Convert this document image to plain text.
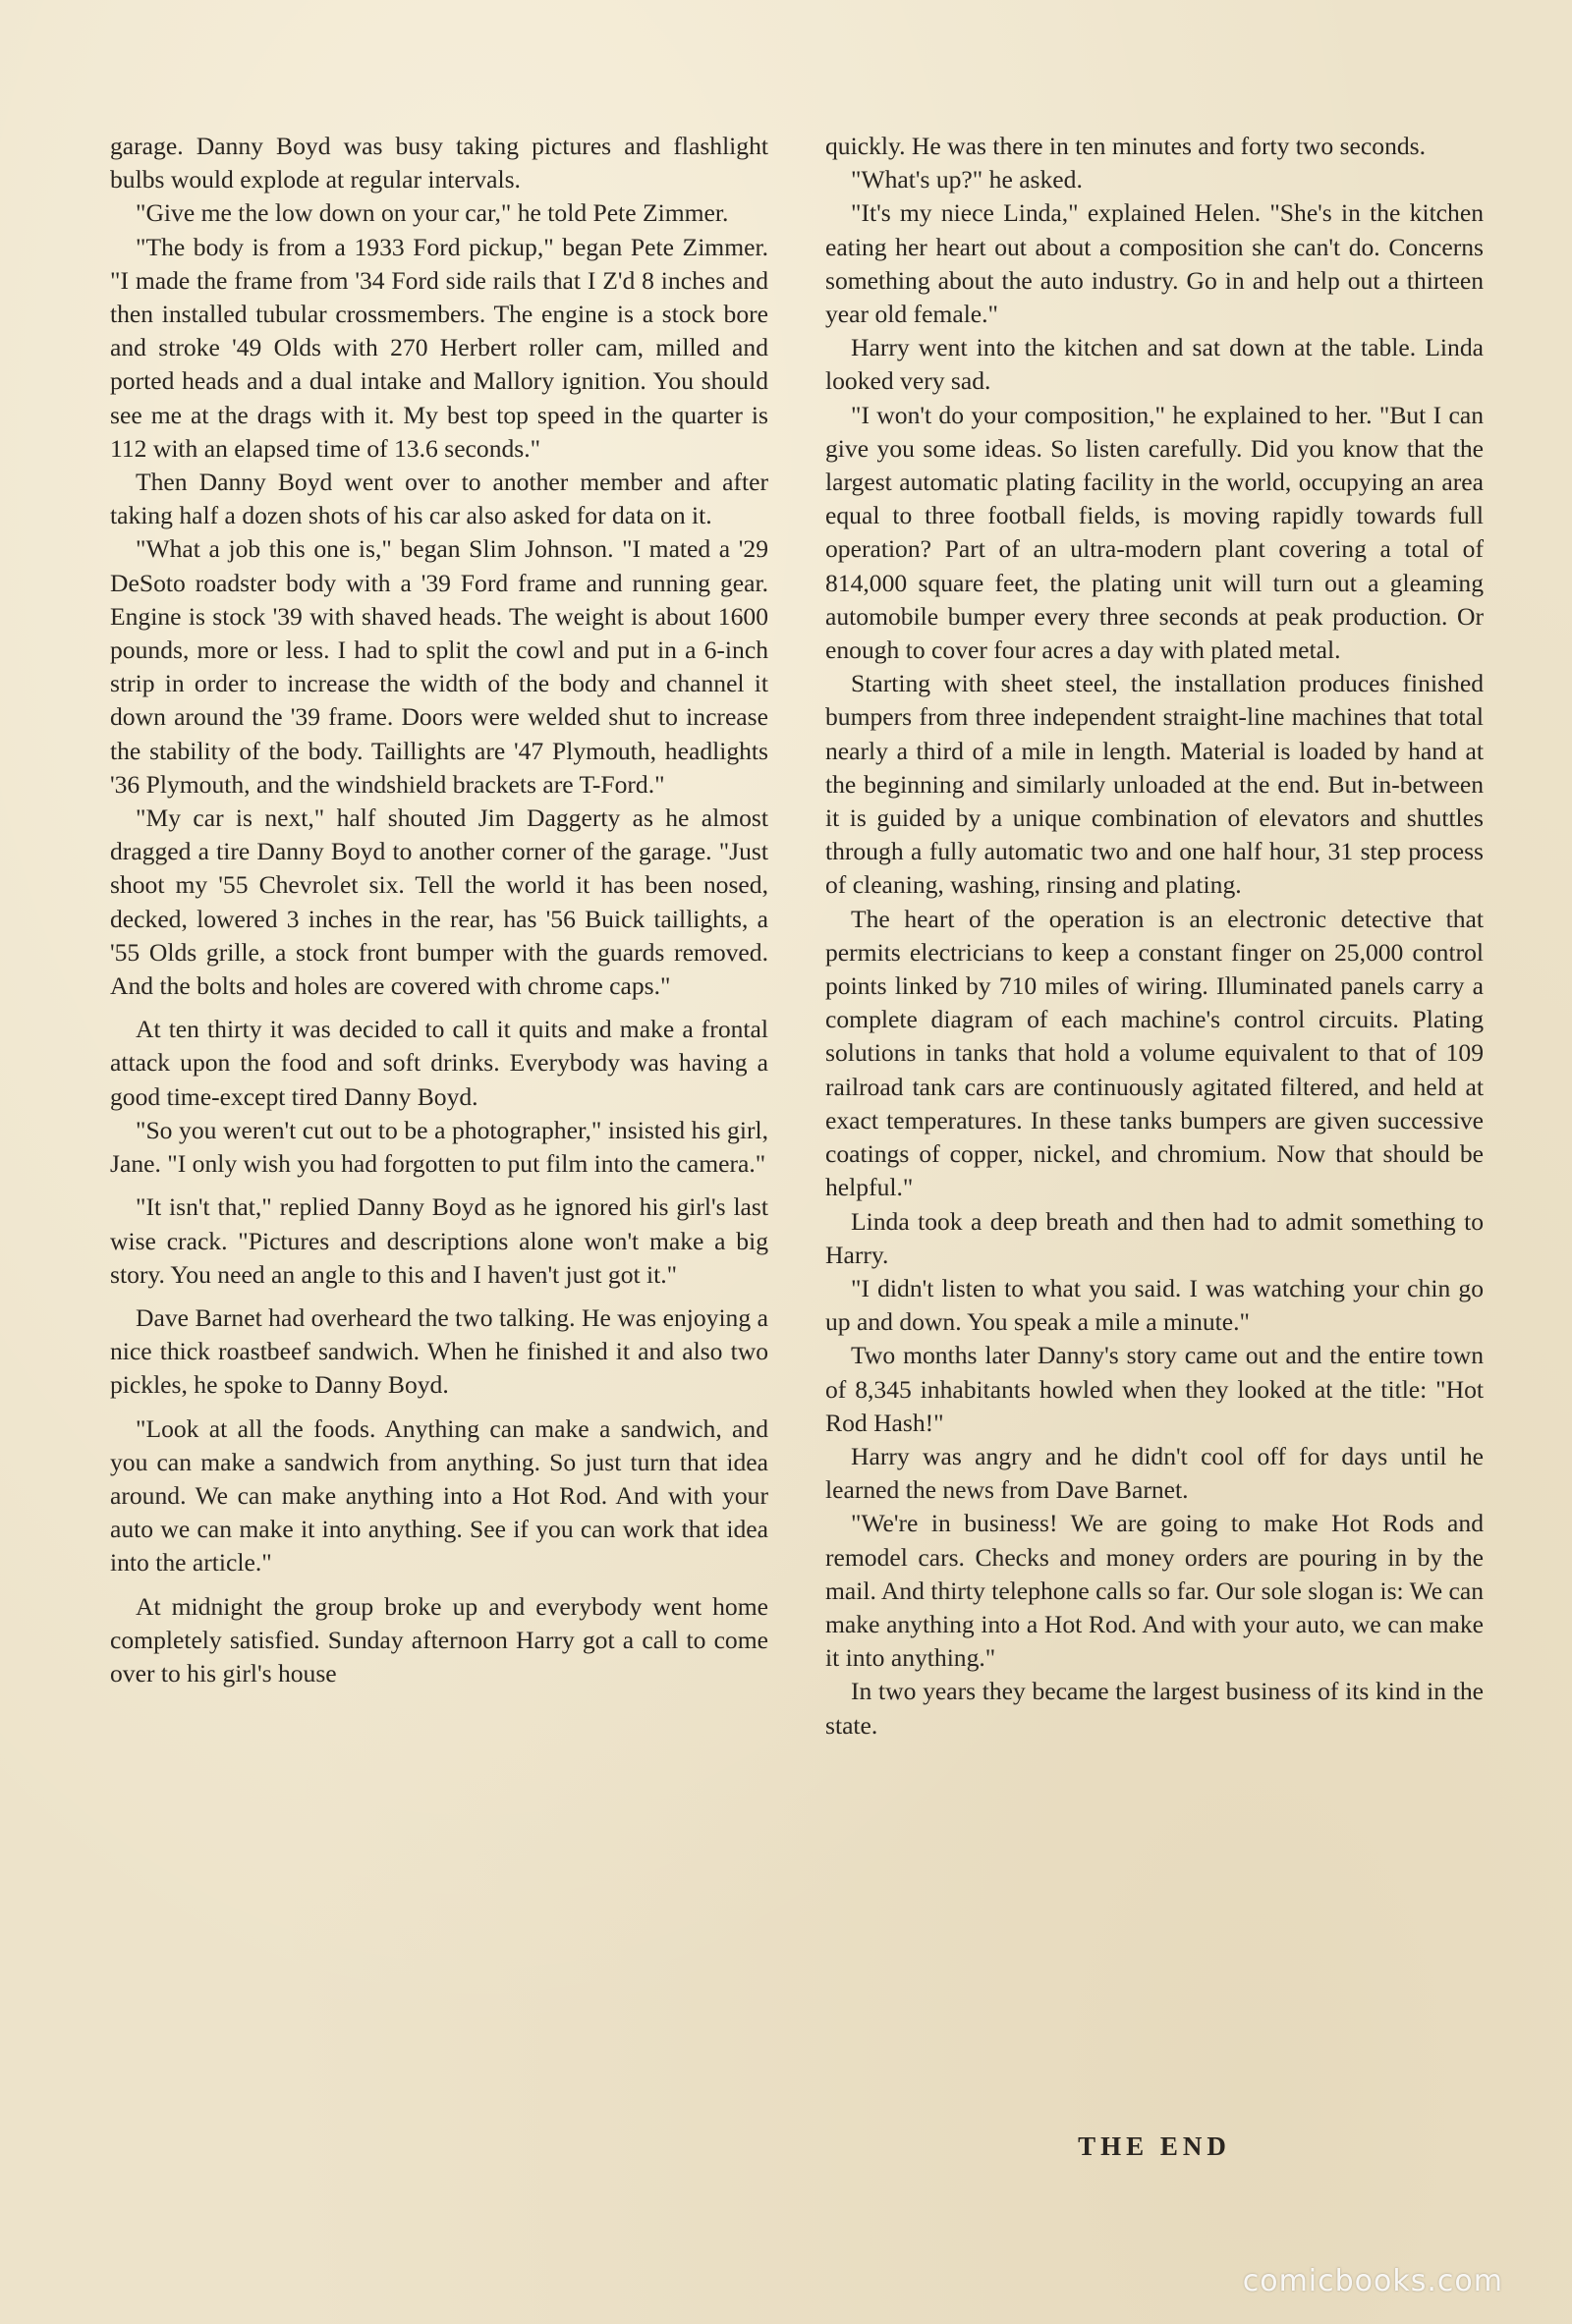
garage. Danny Boyd was busy taking pictures and flashlight bulbs would explode at regular intervals.

"Give me the low down on your car," he told Pete Zimmer.

"The body is from a 1933 Ford pickup," began Pete Zimmer. "I made the frame from '34 Ford side rails that I Z'd 8 inches and then installed tubular crossmembers. The engine is a stock bore and stroke '49 Olds with 270 Herbert roller cam, milled and ported heads and a dual intake and Mallory ignition. You should see me at the drags with it. My best top speed in the quarter is 112 with an elapsed time of 13.6 seconds."

Then Danny Boyd went over to another member and after taking half a dozen shots of his car also asked for data on it.

"What a job this one is," began Slim Johnson. "I mated a '29 DeSoto roadster body with a '39 Ford frame and running gear. Engine is stock '39 with shaved heads. The weight is about 1600 pounds, more or less. I had to split the cowl and put in a 6-inch strip in order to increase the width of the body and channel it down around the '39 frame. Doors were welded shut to increase the stability of the body. Taillights are '47 Plymouth, headlights '36 Plymouth, and the windshield brackets are T-Ford."

"My car is next," half shouted Jim Daggerty as he almost dragged a tire Danny Boyd to another corner of the garage. "Just shoot my '55 Chevrolet six. Tell the world it has been nosed, decked, lowered 3 inches in the rear, has '56 Buick taillights, a '55 Olds grille, a stock front bumper with the guards removed. And the bolts and holes are covered with chrome caps."

At ten thirty it was decided to call it quits and make a frontal attack upon the food and soft drinks. Everybody was having a good time-except tired Danny Boyd.

"So you weren't cut out to be a photographer," insisted his girl, Jane. "I only wish you had forgotten to put film into the camera."

"It isn't that," replied Danny Boyd as he ignored his girl's last wise crack. "Pictures and descriptions alone won't make a big story. You need an angle to this and I haven't just got it."

Dave Barnet had overheard the two talking. He was enjoying a nice thick roastbeef sandwich. When he finished it and also two pickles, he spoke to Danny Boyd.

"Look at all the foods. Anything can make a sandwich, and you can make a sandwich from anything. So just turn that idea around. We can make anything into a Hot Rod. And with your auto we can make it into anything. See if you can work that idea into the article."

At midnight the group broke up and everybody went home completely satisfied. Sunday afternoon Harry got a call to come over to his girl's house

quickly. He was there in ten minutes and forty two seconds.

"What's up?" he asked.

"It's my niece Linda," explained Helen. "She's in the kitchen eating her heart out about a composition she can't do. Concerns something about the auto industry. Go in and help out a thirteen year old female."

Harry went into the kitchen and sat down at the table. Linda looked very sad.

"I won't do your composition," he explained to her. "But I can give you some ideas. So listen carefully. Did you know that the largest automatic plating facility in the world, occupying an area equal to three football fields, is moving rapidly towards full operation? Part of an ultra-modern plant covering a total of 814,000 square feet, the plating unit will turn out a gleaming automobile bumper every three seconds at peak production. Or enough to cover four acres a day with plated metal.

Starting with sheet steel, the installation produces finished bumpers from three independent straight-line machines that total nearly a third of a mile in length. Material is loaded by hand at the beginning and similarly unloaded at the end. But in-between it is guided by a unique combination of elevators and shuttles through a fully automatic two and one half hour, 31 step process of cleaning, washing, rinsing and plating.

The heart of the operation is an electronic detective that permits electricians to keep a constant finger on 25,000 control points linked by 710 miles of wiring. Illuminated panels carry a complete diagram of each machine's control circuits. Plating solutions in tanks that hold a volume equivalent to that of 109 railroad tank cars are continuously agitated filtered, and held at exact temperatures. In these tanks bumpers are given successive coatings of copper, nickel, and chromium. Now that should be helpful."

Linda took a deep breath and then had to admit something to Harry.

"I didn't listen to what you said. I was watching your chin go up and down. You speak a mile a minute."

Two months later Danny's story came out and the entire town of 8,345 inhabitants howled when they looked at the title: "Hot Rod Hash!"

Harry was angry and he didn't cool off for days until he learned the news from Dave Barnet.

"We're in business! We are going to make Hot Rods and remodel cars. Checks and money orders are pouring in by the mail. And thirty telephone calls so far. Our sole slogan is: We can make anything into a Hot Rod. And with your auto, we can make it into anything."

In two years they became the largest business of its kind in the state.

THE END
comicbooks.com
